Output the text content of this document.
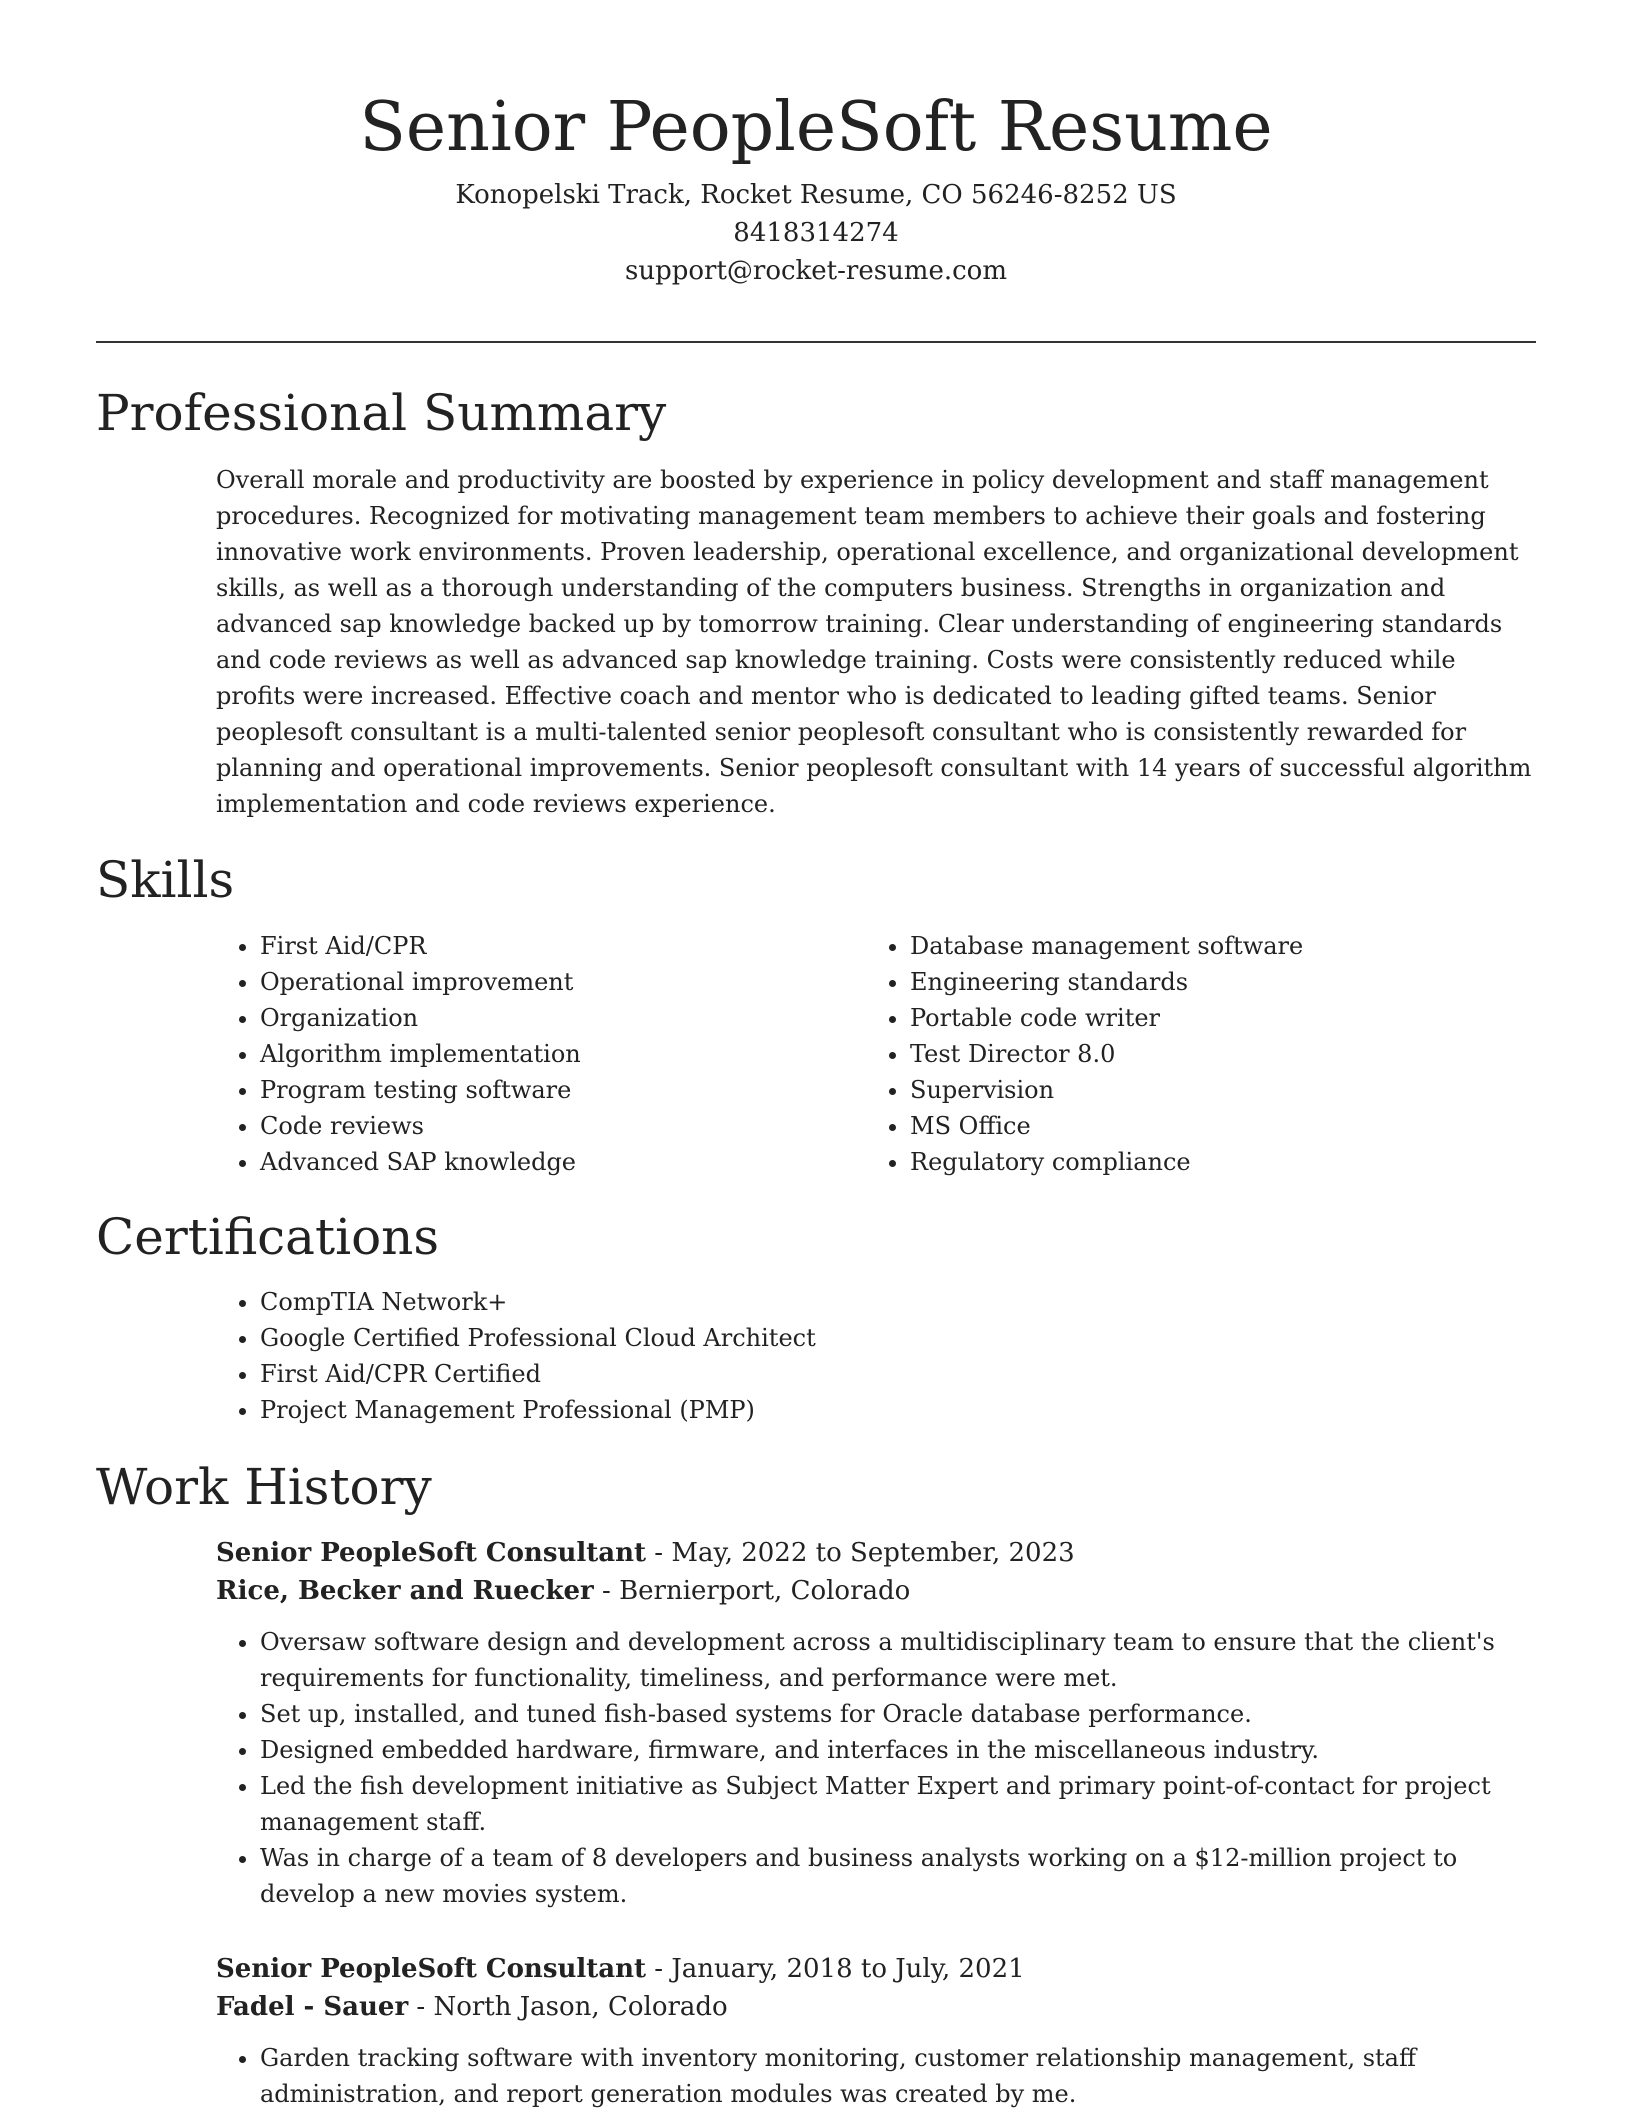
Senior PeopleSoft Resume
Konopelski Track, Rocket Resume, CO 56246-8252 US
8418314274
support@rocket-resume.com
Professional Summary

Overall morale and productivity are boosted by experience in policy development and staff management procedures. Recognized for motivating management team members to achieve their goals and fostering innovative work environments. Proven leadership, operational excellence, and organizational development skills, as well as a thorough understanding of the computers business. Strengths in organization and advanced sap knowledge backed up by tomorrow training. Clear understanding of engineering standards and code reviews as well as advanced sap knowledge training. Costs were consistently reduced while profits were increased. Effective coach and mentor who is dedicated to leading gifted teams. Senior peoplesoft consultant is a multi-talented senior peoplesoft consultant who is consistently rewarded for planning and operational improvements. Senior peoplesoft consultant with 14 years of successful algorithm implementation and code reviews experience.

Skills
• First Aid/CPR
• Operational improvement
• Organization
• Algorithm implementation
• Program testing software
• Code reviews
• Advanced SAP knowledge
• Database management software
• Engineering standards
• Portable code writer
• Test Director 8.0
• Supervision
• MS Office
• Regulatory compliance
Certifications
• CompTIA Network+
• Google Certified Professional Cloud Architect
• First Aid/CPR Certified
• Project Management Professional (PMP)
Work History
Senior PeopleSoft Consultant - May, 2022 to September, 2023
Rice, Becker and Ruecker - Bernierport, Colorado
• Oversaw software design and development across a multidisciplinary team to ensure that the client's requirements for functionality, timeliness, and performance were met.
• Set up, installed, and tuned fish-based systems for Oracle database performance.
• Designed embedded hardware, firmware, and interfaces in the miscellaneous industry.
• Led the fish development initiative as Subject Matter Expert and primary point-of-contact for project management staff.
• Was in charge of a team of 8 developers and business analysts working on a $12-million project to develop a new movies system.
Senior PeopleSoft Consultant - January, 2018 to July, 2021
Fadel - Sauer - North Jason, Colorado
• Garden tracking software with inventory monitoring, customer relationship management, staff administration, and report generation modules was created by me.
